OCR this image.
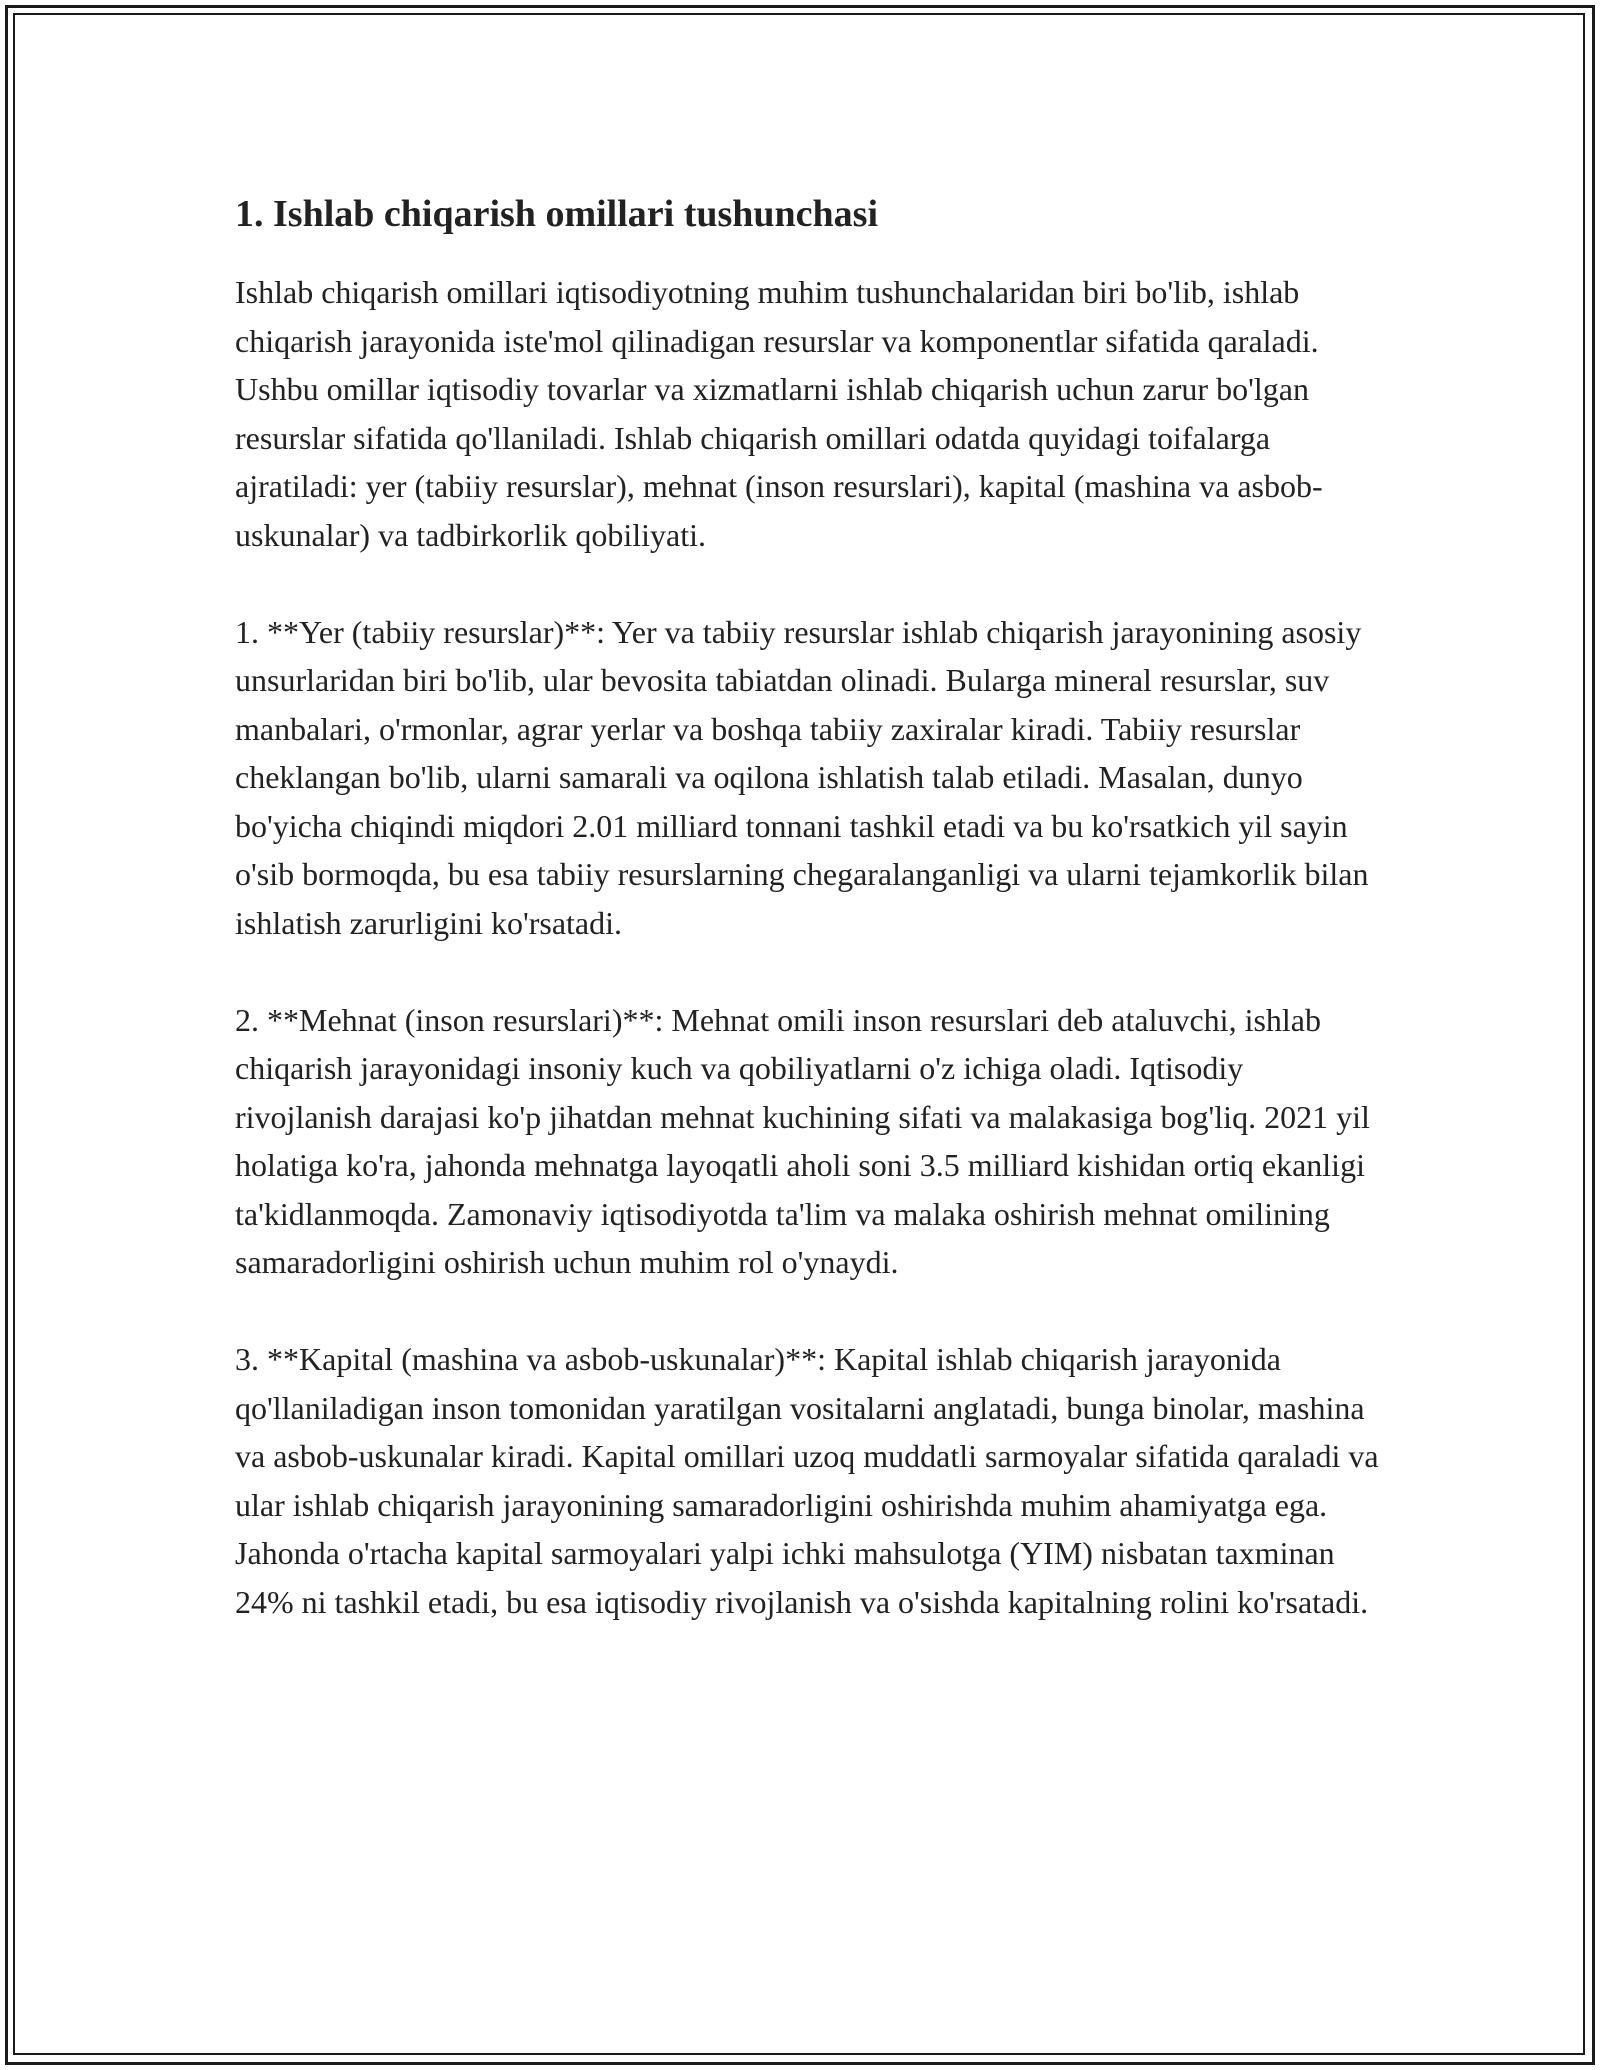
1. Ishlab chiqarish omillari tushunchasi

Ishlab chiqarish omillari iqtisodiyotning muhim tushunchalaridan biri bo'lib, ishlab chiqarish jarayonida iste'mol qilinadigan resurslar va komponentlar sifatida qaraladi. Ushbu omillar iqtisodiy tovarlar va xizmatlarni ishlab chiqarish uchun zarur bo'lgan resurslar sifatida qo'llaniladi. Ishlab chiqarish omillari odatda quyidagi toifalarga ajratiladi: yer (tabiiy resurslar), mehnat (inson resurslari), kapital (mashina va asbob-uskunalar) va tadbirkorlik qobiliyati.

1. **Yer (tabiiy resurslar)**: Yer va tabiiy resurslar ishlab chiqarish jarayonining asosiy unsurlaridan biri bo'lib, ular bevosita tabiatdan olinadi. Bularga mineral resurslar, suv manbalari, o'rmonlar, agrar yerlar va boshqa tabiiy zaxiralar kiradi. Tabiiy resurslar cheklangan bo'lib, ularni samarali va oqilona ishlatish talab etiladi. Masalan, dunyo bo'yicha chiqindi miqdori 2.01 milliard tonnani tashkil etadi va bu ko'rsatkich yil sayin o'sib bormoqda, bu esa tabiiy resurslarning chegaralanganligi va ularni tejamkorlik bilan ishlatish zarurligini ko'rsatadi.

2. **Mehnat (inson resurslari)**: Mehnat omili inson resurslari deb ataluvchi, ishlab chiqarish jarayonidagi insoniy kuch va qobiliyatlarni o'z ichiga oladi. Iqtisodiy rivojlanish darajasi ko'p jihatdan mehnat kuchining sifati va malakasiga bog'liq. 2021 yil holatiga ko'ra, jahonda mehnatga layoqatli aholi soni 3.5 milliard kishidan ortiq ekanligi ta'kidlanmoqda. Zamonaviy iqtisodiyotda ta'lim va malaka oshirish mehnat omilining samaradorligini oshirish uchun muhim rol o'ynaydi.

3. **Kapital (mashina va asbob-uskunalar)**: Kapital ishlab chiqarish jarayonida qo'llaniladigan inson tomonidan yaratilgan vositalarni anglatadi, bunga binolar, mashina va asbob-uskunalar kiradi. Kapital omillari uzoq muddatli sarmoyalar sifatida qaraladi va ular ishlab chiqarish jarayonining samaradorligini oshirishda muhim ahamiyatga ega. Jahonda o'rtacha kapital sarmoyalari yalpi ichki mahsulotga (YIM) nisbatan taxminan 24% ni tashkil etadi, bu esa iqtisodiy rivojlanish va o'sishda kapitalning rolini ko'rsatadi.
